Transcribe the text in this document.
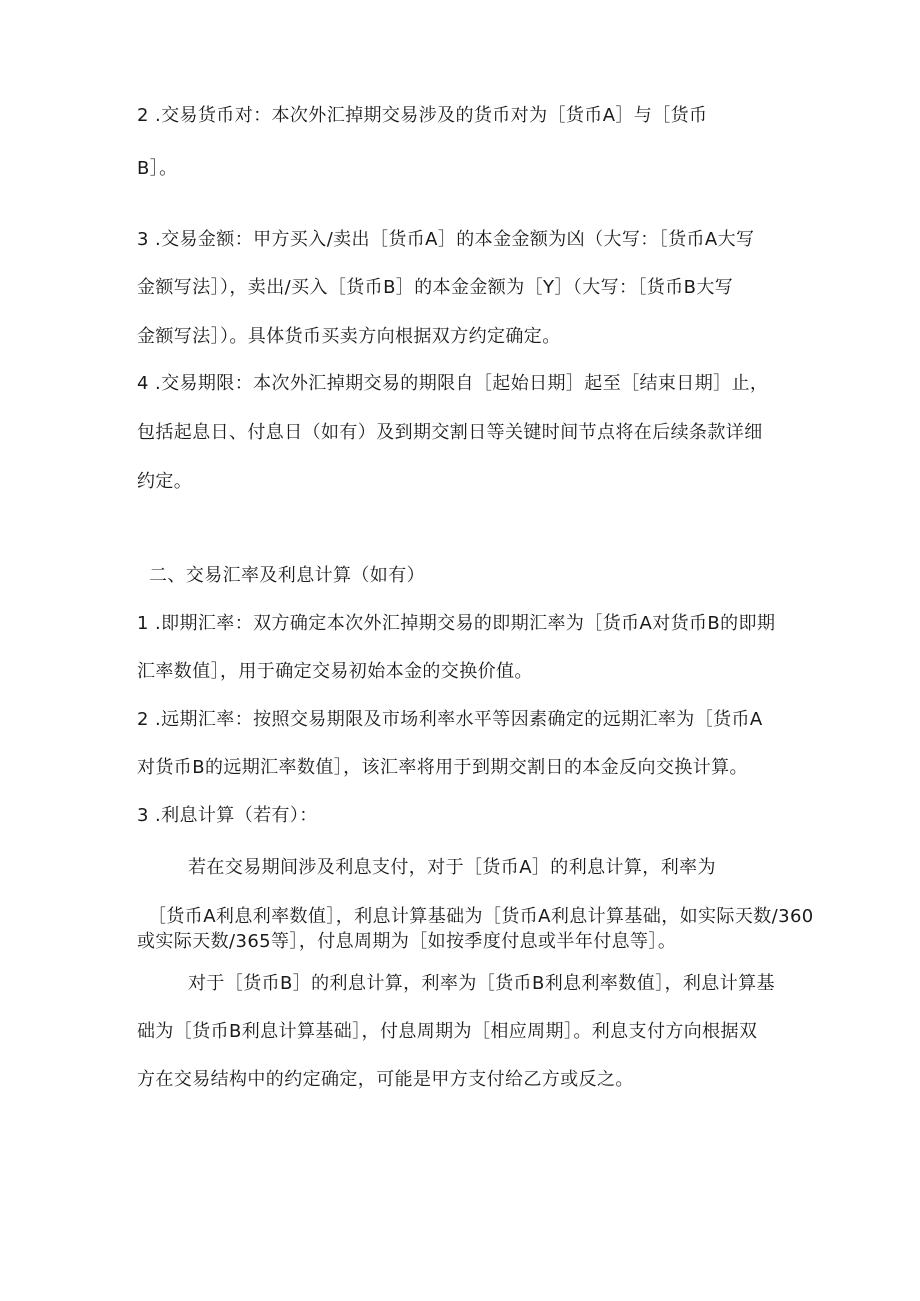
2 .交易货币对：本次外汇掉期交易涉及的货币对为［货币A］与［货币
B］。
3 .交易金额：甲方买入/卖出［货币A］的本金金额为凶（大写：［货币A大写
金额写法］），卖出/买入［货币B］的本金金额为［Y］（大写：［货币B大写
金额写法］）。具体货币买卖方向根据双方约定确定。
4 .交易期限：本次外汇掉期交易的期限自［起始日期］起至［结束日期］止，
包括起息日、付息日（如有）及到期交割日等关键时间节点将在后续条款详细
约定。
二、交易汇率及利息计算（如有）
1 .即期汇率：双方确定本次外汇掉期交易的即期汇率为［货币A对货币B的即期
汇率数值］，用于确定交易初始本金的交换价值。
2 .远期汇率：按照交易期限及市场利率水平等因素确定的远期汇率为［货币A
对货币B的远期汇率数值］，该汇率将用于到期交割日的本金反向交换计算。
3 .利息计算（若有）：
若在交易期间涉及利息支付，对于［货币A］的利息计算，利率为
［货币A利息利率数值］，利息计算基础为［货币A利息计算基础，如实际天数/360
或实际天数/365等］，付息周期为［如按季度付息或半年付息等］。
对于［货币B］的利息计算，利率为［货币B利息利率数值］，利息计算基
础为［货币B利息计算基础］，付息周期为［相应周期］。利息支付方向根据双
方在交易结构中的约定确定，可能是甲方支付给乙方或反之。
